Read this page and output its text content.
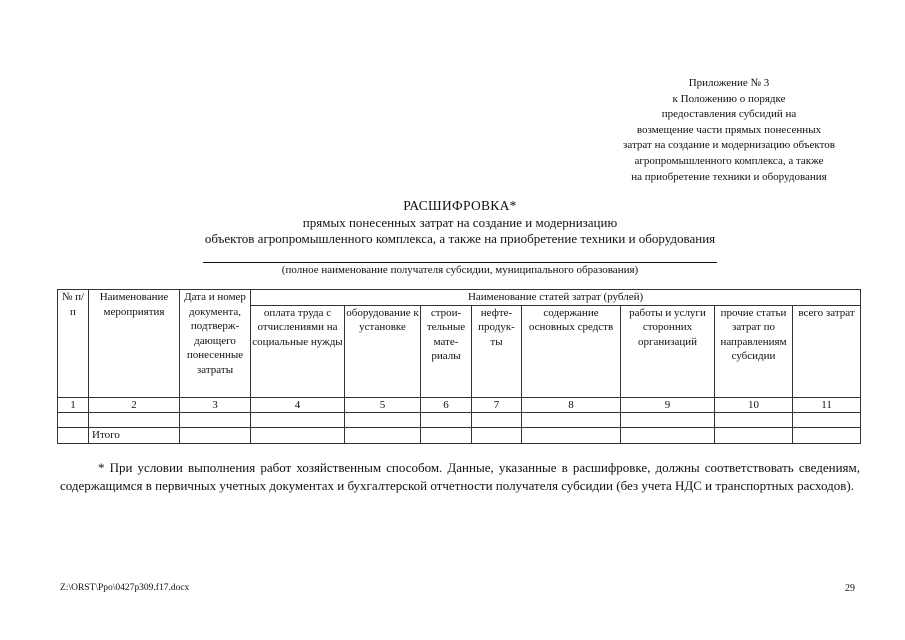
Приложение № 3
к Положению о порядке
предоставления субсидий на
возмещение части прямых понесенных
затрат на создание и модернизацию объектов
агропромышленного комплекса, а также
на приобретение техники и оборудования
РАСШИФРОВКА*
прямых понесенных затрат на создание и модернизацию
объектов агропромышленного комплекса, а также на приобретение техники и оборудования
(полное наименование получателя субсидии, муниципального образования)
№ п/п	Наименование мероприятия	Дата и номер документа, подтверж- дающего понесенные затраты	Наименование статей затрат (рублей)							
			оплата труда с отчислениями на социальные нужды	оборудование к установке	строи- тельные мате- риалы	нефте- продук- ты	содержание основных средств	работы и услуги сторонних организаций	прочие статьи затрат по направлениям субсидии	всего затрат
1	2	3	4	5	6	7	8	9	10	11

	Итого									
* При условии выполнения работ хозяйственным способом. Данные, указанные в расшифровке, должны соответствовать сведениям, содержащимся в первичных учетных документах и бухгалтерской отчетности получателя субсидии (без учета НДС и транспортных расходов).
Z:\ORST\Ppo\0427p309.f17.docx	29
